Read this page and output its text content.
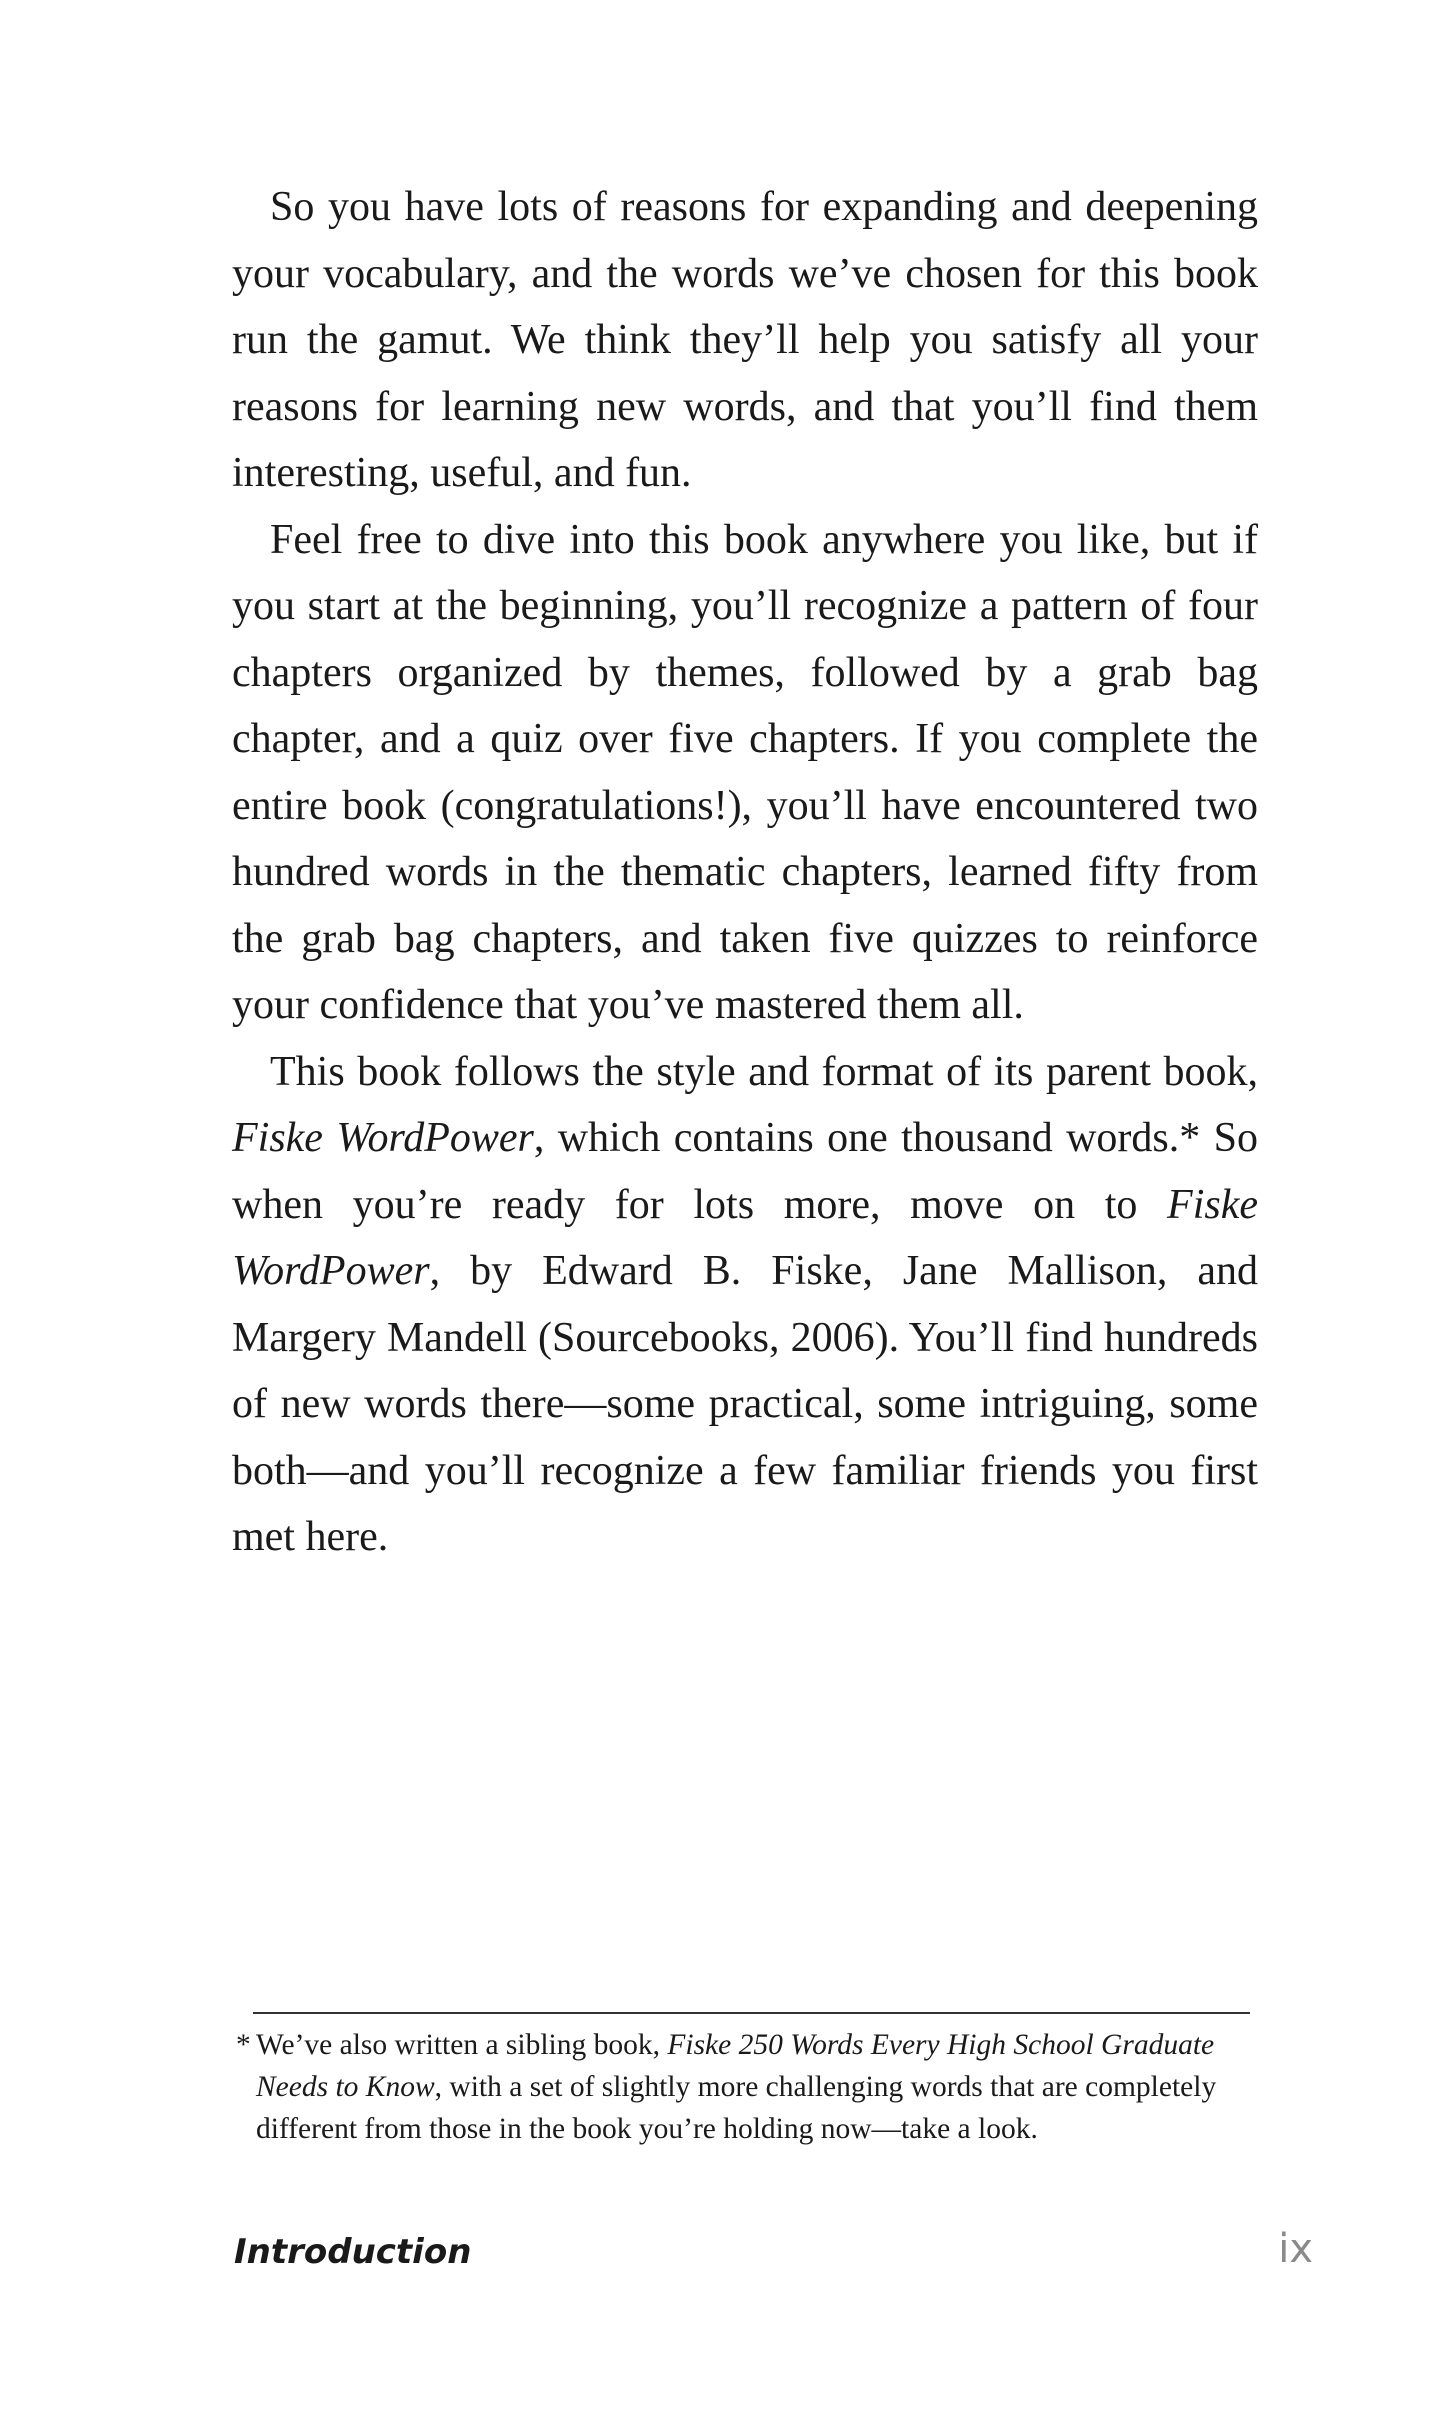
So you have lots of reasons for expanding and deepening your vocabulary, and the words we’ve chosen for this book run the gamut. We think they’ll help you satisfy all your reasons for learning new words, and that you’ll find them interesting, useful, and fun.

Feel free to dive into this book anywhere you like, but if you start at the beginning, you’ll recognize a pattern of four chapters organized by themes, followed by a grab bag chapter, and a quiz over five chapters. If you complete the entire book (congratulations!), you’ll have encountered two hundred words in the thematic chapters, learned fifty from the grab bag chapters, and taken five quizzes to reinforce your confidence that you’ve mastered them all.

This book follows the style and format of its parent book, Fiske WordPower, which contains one thousand words.* So when you’re ready for lots more, move on to Fiske WordPower, by Edward B. Fiske, Jane Mallison, and Margery Mandell (Sourcebooks, 2006). You’ll find hundreds of new words there—some practical, some intriguing, some both—and you’ll recognize a few familiar friends you first met here.

* We’ve also written a sibling book, Fiske 250 Words Every High School Graduate Needs to Know, with a set of slightly more challenging words that are completely different from those in the book you’re holding now—take a look.
Introduction	ix
